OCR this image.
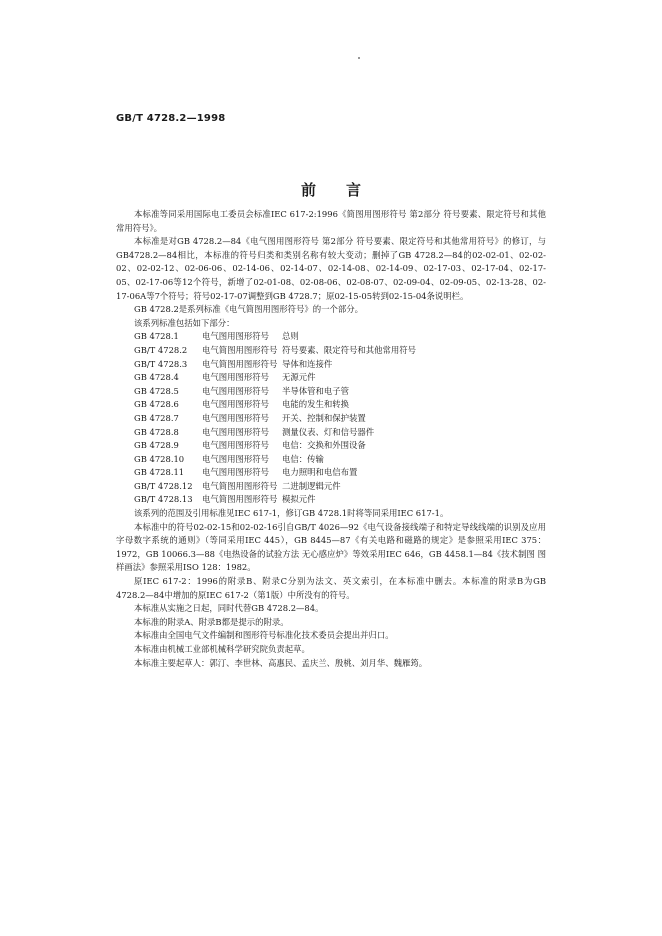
GB/T 4728.2—1998
前言

本标准等同采用国际电工委员会标准IEC 617-2:1996《简图用图形符号 第2部分 符号要素、限定符号和其他常用符号》。

本标准是对GB 4728.2—84《电气图用图形符号 第2部分 符号要素、限定符号和其他常用符号》的修订，与GB4728.2—84相比，本标准的符号归类和类别名称有较大变动；删掉了GB 4728.2—84的02-02-01、02-02-02、02-02-12、02-06-06、02-14-06、02-14-07、02-14-08、02-14-09、02-17-03、02-17-04、02-17-05、02-17-06等12个符号，新增了02-01-08、02-08-06、02-08-07、02-09-04、02-09-05、02-13-28、02-17-06A等7个符号；符号02-17-07调整到GB 4728.7；原02-15-05转到02-15-04条说明栏。

GB 4728.2是系列标准《电气简图用图形符号》的一个部分。

该系列标准包括如下部分：

GB 4728.1	电气图用图形符号 总则
GB/T 4728.2 电气简图用图形符号 符号要素、限定符号和其他常用符号
GB/T 4728.3 电气简图用图形符号 导体和连接件
GB 4728.4	电气图用图形符号 无源元件
GB 4728.5	电气图用图形符号 半导体管和电子管
GB 4728.6	电气图用图形符号 电能的发生和转换
GB 4728.7	电气图用图形符号 开关、控制和保护装置
GB 4728.8	电气图用图形符号 测量仪表、灯和信号器件
GB 4728.9	电气图用图形符号 电信：交换和外围设备
GB 4728.10 电气图用图形符号 电信：传输
GB 4728.11 电气图用图形符号 电力照明和电信布置
GB/T 4728.12 电气简图用图形符号 二进制逻辑元件
GB/T 4728.13 电气简图用图形符号 模拟元件

该系列的范围及引用标准见IEC 617-1，修订GB 4728.1时将等同采用IEC 617-1。

本标准中的符号02-02-15和02-02-16引自GB/T 4026—92《电气设备接线端子和特定导线线端的识别及应用字母数字系统的通则》（等同采用IEC 445），GB 8445—87《有关电路和磁路的规定》是参照采用IEC 375：1972，GB 10066.3—88《电热设备的试验方法 无心感应炉》等效采用IEC 646，GB 4458.1—84《技术制图 图样画法》参照采用ISO 128：1982。

原IEC 617-2：1996的附录B、附录C分别为法文、英文索引，在本标准中删去。本标准的附录B为GB 4728.2—84中增加的原IEC 617-2（第1版）中所没有的符号。

本标准从实施之日起，同时代替GB 4728.2—84。

本标准的附录A、附录B都是提示的附录。

本标准由全国电气文件编制和图形符号标准化技术委员会提出并归口。

本标准由机械工业部机械科学研究院负责起草。

本标准主要起草人：郭汀、李世林、高惠民、孟庆兰、殷桃、刘月华、魏雁筠。
